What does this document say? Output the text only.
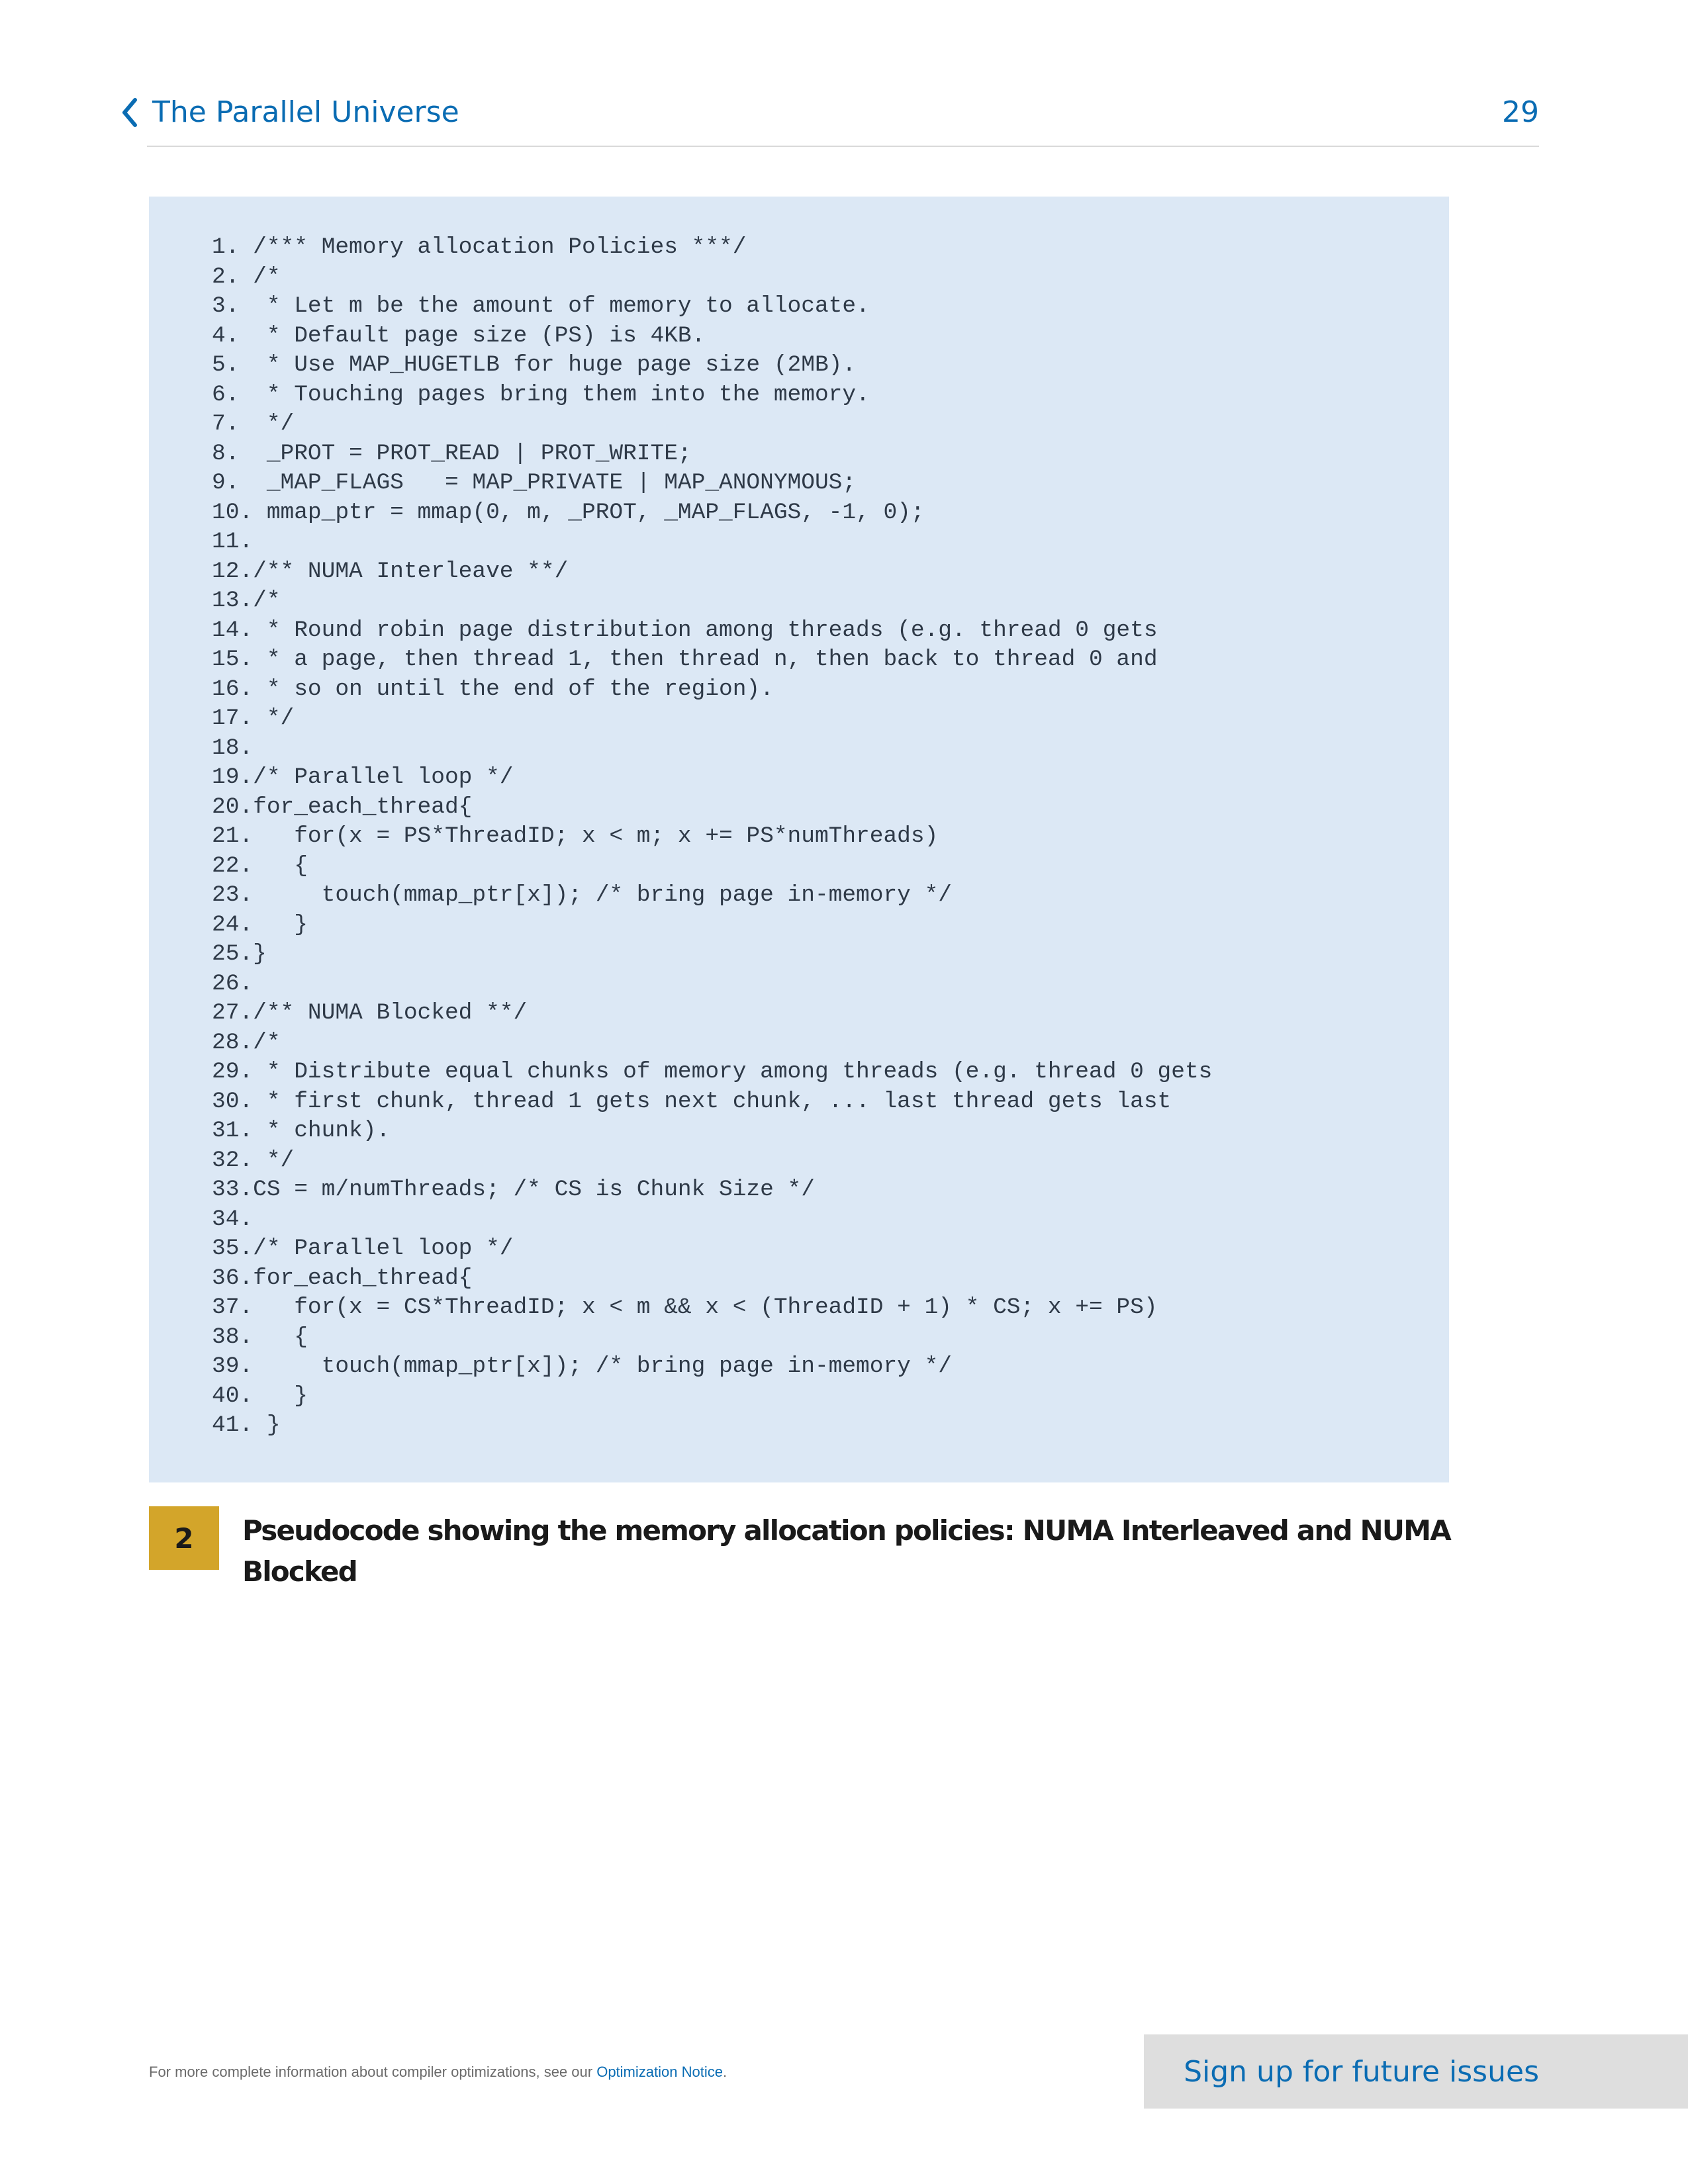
The Parallel Universe	29
1. /*** Memory allocation Policies ***/
2. /*
3.  * Let m be the amount of memory to allocate.
4.  * Default page size (PS) is 4KB.
5.  * Use MAP_HUGETLB for huge page size (2MB).
6.  * Touching pages bring them into the memory.
7.  */
8.  _PROT = PROT_READ | PROT_WRITE;
9.  _MAP_FLAGS   = MAP_PRIVATE | MAP_ANONYMOUS;
10. mmap_ptr = mmap(0, m, _PROT, _MAP_FLAGS, -1, 0);
11.
12./** NUMA Interleave **/
13./*
14. * Round robin page distribution among threads (e.g. thread 0 gets
15. * a page, then thread 1, then thread n, then back to thread 0 and
16. * so on until the end of the region).
17. */
18.
19./* Parallel loop */
20.for_each_thread{
21.   for(x = PS*ThreadID; x < m; x += PS*numThreads)
22.   {
23.     touch(mmap_ptr[x]); /* bring page in-memory */
24.   }
25.}
26.
27./** NUMA Blocked **/
28./*
29. * Distribute equal chunks of memory among threads (e.g. thread 0 gets
30. * first chunk, thread 1 gets next chunk, ... last thread gets last
31. * chunk).
32. */
33.CS = m/numThreads; /* CS is Chunk Size */
34.
35./* Parallel loop */
36.for_each_thread{
37.   for(x = CS*ThreadID; x < m && x < (ThreadID + 1) * CS; x += PS)
38.   {
39.     touch(mmap_ptr[x]); /* bring page in-memory */
40.   }
41. }
2	Pseudocode showing the memory allocation policies: NUMA Interleaved and NUMA Blocked
For more complete information about compiler optimizations, see our Optimization Notice.	Sign up for future issues
